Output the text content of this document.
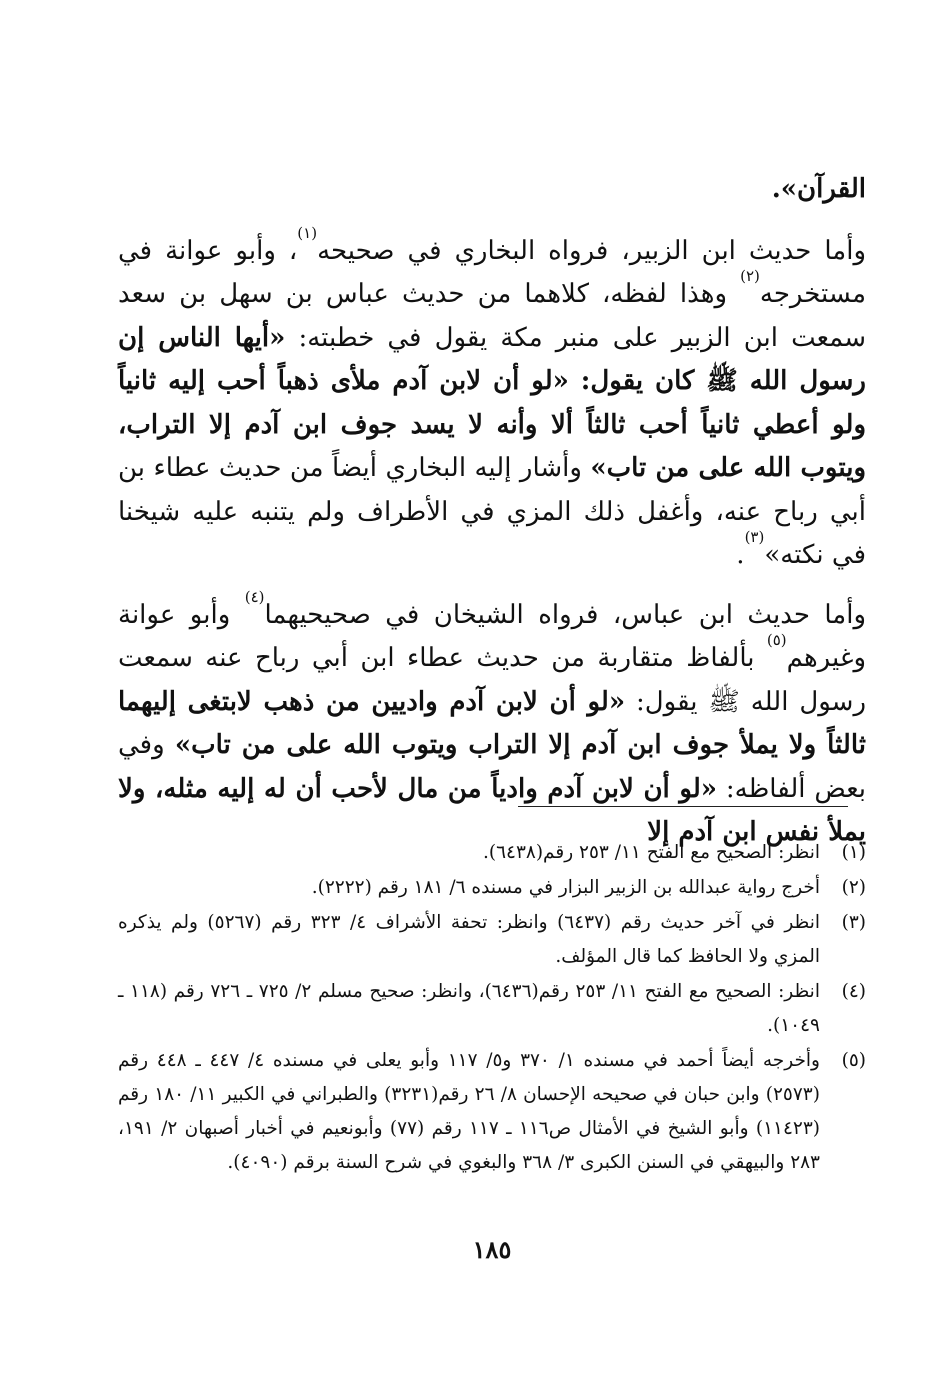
القرآن».

وأما حديث ابن الزبير، فرواه البخاري في صحيحه$^{(١)}$، وأبو عوانة في مستخرجه$^{(٢)}$ وهذا لفظه، كلاهما من حديث عباس بن سهل بن سعد سمعت ابن الزبير على منبر مكة يقول في خطبته: «أيها الناس إن رسول الله ﷺ كان يقول: «لو أن لابن آدم ملأى ذهباً أحب إليه ثانياً ولو أعطي ثانياً أحب ثالثاً ألا وأنه لا يسد جوف ابن آدم إلا التراب، ويتوب الله على من تاب» وأشار إليه البخاري أيضاً من حديث عطاء بن أبي رباح عنه، وأغفل ذلك المزي في الأطراف ولم يتنبه عليه شيخنا في نكته»$^{(٣)}$.

وأما حديث ابن عباس، فرواه الشيخان في صحيحيهما$^{(٤)}$ وأبو عوانة وغيرهم$^{(٥)}$ بألفاظ متقاربة من حديث عطاء ابن أبي رباح عنه سمعت رسول الله ﷺ يقول: «لو أن لابن آدم واديين من ذهب لابتغى إليهما ثالثاً ولا يملأ جوف ابن آدم إلا التراب ويتوب الله على من تاب» وفي بعض ألفاظه: «لو أن لابن آدم وادياً من مال لأحب أن له إليه مثله، ولا يملأ نفس ابن آدم إلا

(١)
انظر: الصحيح مع الفتح ١١/ ٢٥٣ رقم(٦٤٣٨).
(٢)
أخرج رواية عبدالله بن الزبير البزار في مسنده ٦/ ١٨١ رقم (٢٢٢٢).
(٣)
انظر في آخر حديث رقم (٦٤٣٧) وانظر: تحفة الأشراف ٤/ ٣٢٣ رقم (٥٢٦٧) ولم يذكره المزي ولا الحافظ كما قال المؤلف.
(٤)
انظر: الصحيح مع الفتح ١١/ ٢٥٣ رقم(٦٤٣٦)، وانظر: صحيح مسلم ٢/ ٧٢٥ ـ ٧٢٦ رقم (١١٨ ـ ١٠٤٩).
(٥)
وأخرجه أيضاً أحمد في مسنده ١/ ٣٧٠ و٥/ ١١٧ وأبو يعلى في مسنده ٤/ ٤٤٧ ـ ٤٤٨ رقم (٢٥٧٣) وابن حبان في صحيحه الإحسان ٨/ ٢٦ رقم(٣٢٣١) والطبراني في الكبير ١١/ ١٨٠ رقم (١١٤٢٣) وأبو الشيخ في الأمثال ص١١٦ ـ ١١٧ رقم (٧٧) وأبونعيم في أخبار أصبهان ٢/ ١٩١، ٢٨٣ والبيهقي في السنن الكبرى ٣/ ٣٦٨ والبغوي في شرح السنة برقم (٤٠٩٠).
١٨٥
